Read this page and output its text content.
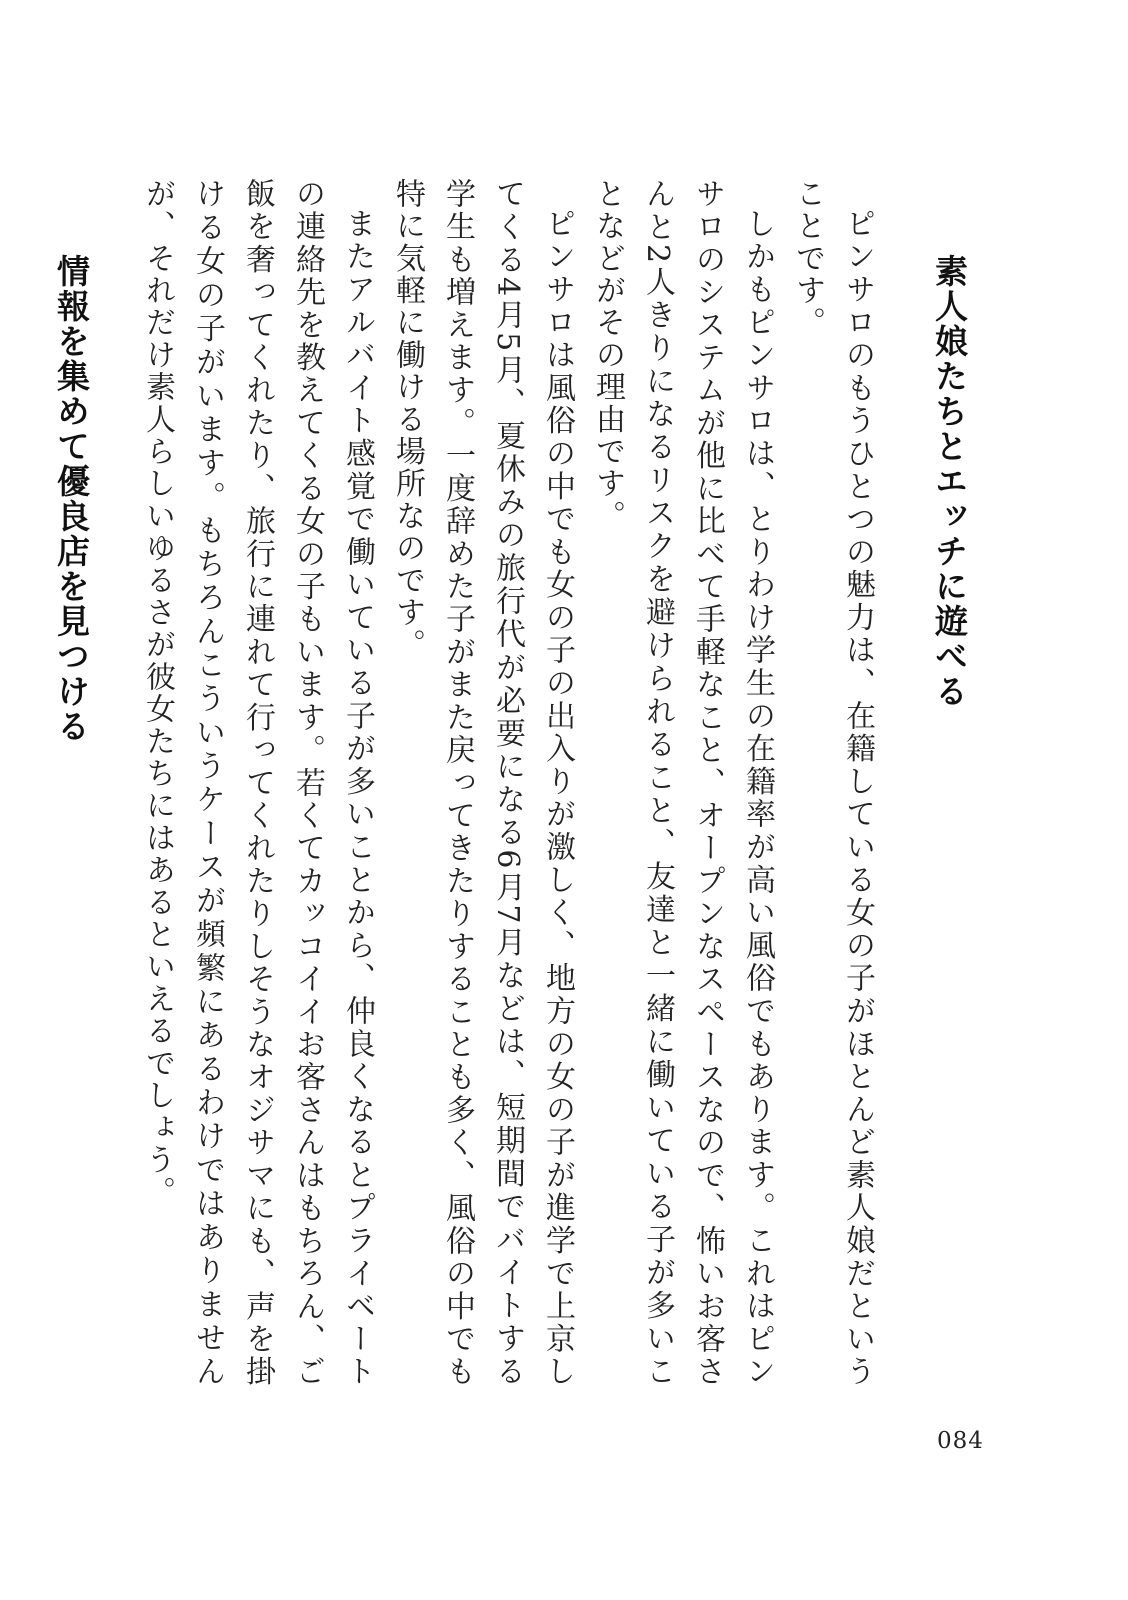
素人娘たちとエッチに遊べる

ピンサロのもうひとつの魅力は、在籍している女の子がほとんど素人娘だということです。

しかもピンサロは、とりわけ学生の在籍率が高い風俗でもあります。これはピンサロのシステムが他に比べて手軽なこと、オープンなスペースなので、怖いお客さんと2人きりになるリスクを避けられること、友達と一緒に働いている子が多いことなどがその理由です。

ピンサロは風俗の中でも女の子の出入りが激しく、地方の女の子が進学で上京してくる4月5月、夏休みの旅行代が必要になる6月7月などは、短期間でバイトする学生も増えます。一度辞めた子がまた戻ってきたりすることも多く、風俗の中でも特に気軽に働ける場所なのです。

またアルバイト感覚で働いている子が多いことから、仲良くなるとプライベートの連絡先を教えてくる女の子もいます。若くてカッコイイお客さんはもちろん、ご飯を奢ってくれたり、旅行に連れて行ってくれたりしそうなオジサマにも、声を掛ける女の子がいます。もちろんこういうケースが頻繁にあるわけではありませんが、それだけ素人らしいゆるさが彼女たちにはあるといえるでしょう。

情報を集めて優良店を見つける

084
